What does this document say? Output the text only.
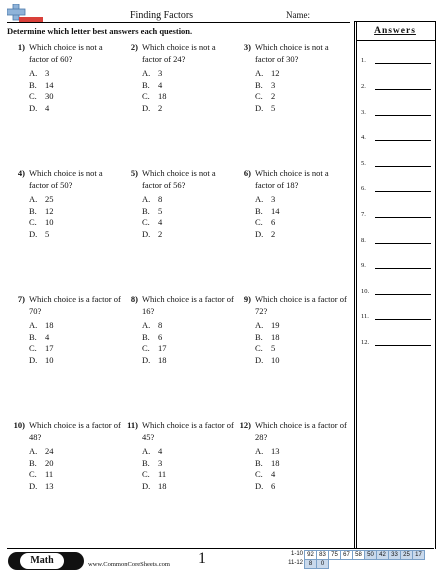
Finding Factors	Name:
Determine which letter best answers each question.
1) Which choice is not a factor of 60?
A. 3
B. 14
C. 30
D. 4
2) Which choice is not a factor of 24?
A. 3
B. 4
C. 18
D. 2
3) Which choice is not a factor of 30?
A. 12
B. 3
C. 2
D. 5
4) Which choice is not a factor of 50?
A. 25
B. 12
C. 10
D. 5
5) Which choice is not a factor of 56?
A. 8
B. 5
C. 4
D. 2
6) Which choice is not a factor of 18?
A. 3
B. 14
C. 6
D. 2
7) Which choice is a factor of 70?
A. 18
B. 4
C. 17
D. 10
8) Which choice is a factor of 16?
A. 8
B. 6
C. 17
D. 18
9) Which choice is a factor of 72?
A. 19
B. 18
C. 5
D. 10
10) Which choice is a factor of 48?
A. 24
B. 20
C. 11
D. 13
11) Which choice is a factor of 45?
A. 4
B. 3
C. 11
D. 18
12) Which choice is a factor of 28?
A. 13
B. 18
C. 4
D. 6
Answers
1.
2.
3.
4.
5.
6.
7.
8.
9.
10.
11.
12.
Math	www.CommonCoreSheets.com 1	1-10 92 83 75 67 58 50 42 33 25 17
11-12 8 0
